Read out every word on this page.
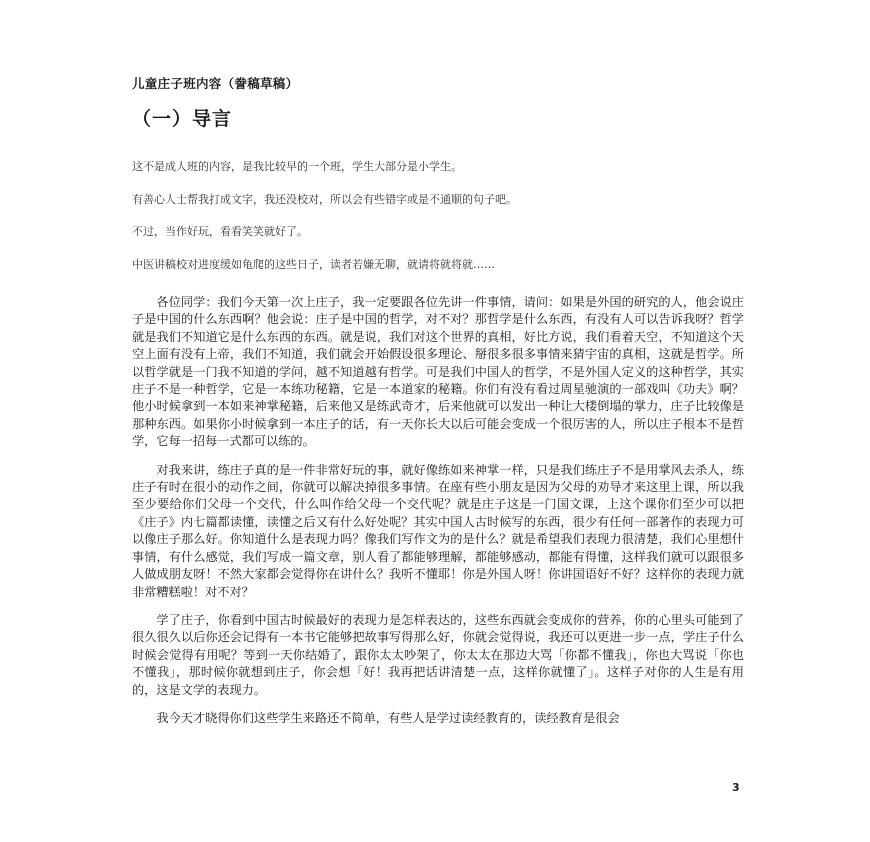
儿童庄子班内容（誊稿草稿）
（一）导言

这不是成人班的内容，是我比较早的一个班，学生大部分是小学生。

有善心人士帮我打成文字，我还没校对，所以会有些错字或是不通顺的句子吧。

不过，当作好玩，看看笑笑就好了。

中医讲稿校对进度缓如龟爬的这些日子，读者若嫌无聊，就请将就将就……

各位同学：我们今天第一次上庄子，我一定要跟各位先讲一件事情，请问：如果是外国的研究的人，他会说庄子是中国的什么东西啊？他会说：庄子是中国的哲学，对不对？那哲学是什么东西，有没有人可以告诉我呀？哲学就是我们不知道它是什么东西的东西。就是说，我们对这个世界的真相，好比方说，我们看着天空，不知道这个天空上面有没有上帝，我们不知道，我们就会开始假设很多理论、掰很多很多事情来猜宇宙的真相，这就是哲学。所以哲学就是一门我不知道的学问，越不知道越有哲学。可是我们中国人的哲学，不是外国人定义的这种哲学，其实庄子不是一种哲学，它是一本练功秘籍，它是一本道家的秘籍。你们有没有看过周星驰演的一部戏叫《功夫》啊？他小时候拿到一本如来神掌秘籍，后来他又是练武奇才，后来他就可以发出一种让大楼倒塌的掌力，庄子比较像是那种东西。如果你小时候拿到一本庄子的话，有一天你长大以后可能会变成一个很厉害的人，所以庄子根本不是哲学，它每一招每一式都可以练的。

对我来讲，练庄子真的是一件非常好玩的事，就好像练如来神掌一样，只是我们练庄子不是用掌风去杀人，练庄子有时在很小的动作之间，你就可以解决掉很多事情。在座有些小朋友是因为父母的劝导才来这里上课，所以我至少要给你们父母一个交代，什么叫作给父母一个交代呢？就是庄子这是一门国文课，上这个课你们至少可以把《庄子》内七篇都读懂，读懂之后又有什么好处呢？其实中国人古时候写的东西，很少有任何一部著作的表现力可以像庄子那么好。你知道什么是表现力吗？像我们写作文为的是什么？就是希望我们表现力很清楚，我们心里想什事情，有什么感觉，我们写成一篇文章，别人看了都能够理解，都能够感动，都能有得懂，这样我们就可以跟很多人做成朋友呀！不然大家都会觉得你在讲什么？我听不懂耶！你是外国人呀！你讲国语好不好？这样你的表现力就非常糟糕啦！对不对？

学了庄子，你看到中国古时候最好的表现力是怎样表达的，这些东西就会变成你的营养，你的心里头可能到了很久很久以后你还会记得有一本书它能够把故事写得那么好，你就会觉得说，我还可以更进一步一点，学庄子什么时候会觉得有用呢？等到一天你结婚了，跟你太太吵架了，你太太在那边大骂「你都不懂我」，你也大骂说「你也不懂我」，那时候你就想到庄子，你会想「好！我再把话讲清楚一点，这样你就懂了」。这样子对你的人生是有用的，这是文学的表现力。

我今天才晓得你们这些学生来路还不简单，有些人是学过读经教育的，读经教育是很会

3
